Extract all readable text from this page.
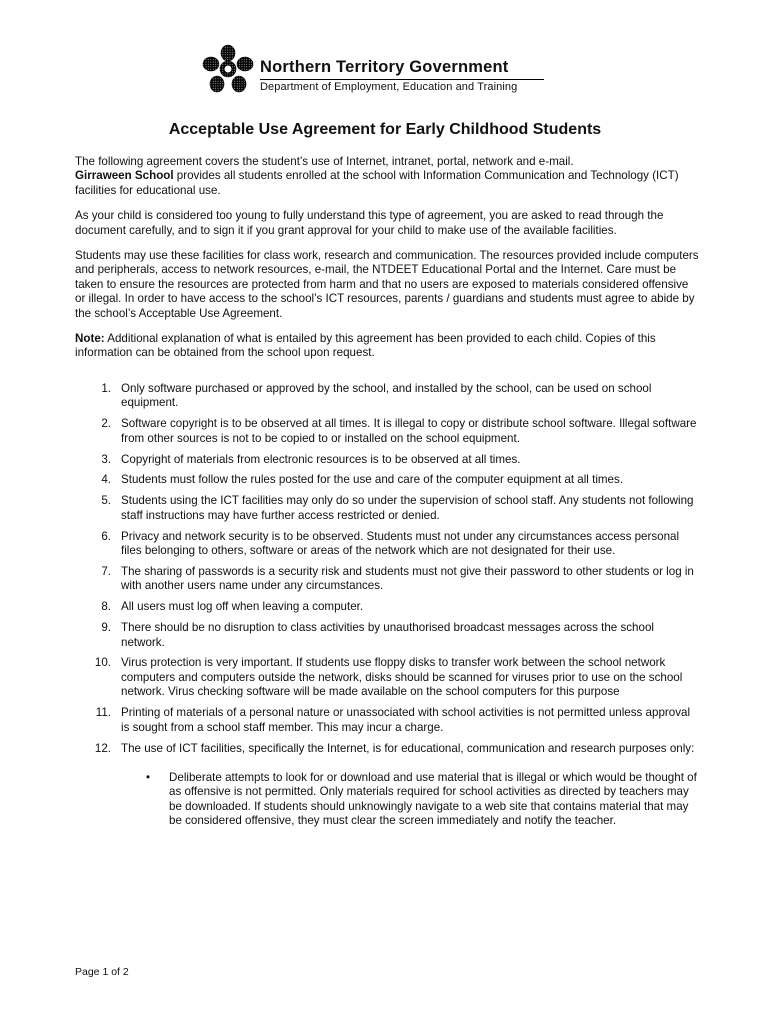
Northern Territory Government
Department of Employment, Education and Training
Acceptable Use Agreement for Early Childhood Students

The following agreement covers the student’s use of Internet, intranet, portal, network and e-mail.
Girraween School provides all students enrolled at the school with Information Communication and Technology (ICT) facilities for educational use.

As your child is considered too young to fully understand this type of agreement, you are asked to read through the document carefully, and to sign it if you grant approval for your child to make use of the available facilities.

Students may use these facilities for class work, research and communication. The resources provided include computers and peripherals, access to network resources, e-mail, the NTDEET Educational Portal and the Internet. Care must be taken to ensure the resources are protected from harm and that no users are exposed to materials considered offensive or illegal. In order to have access to the school’s ICT resources, parents / guardians and students must agree to abide by the school’s Acceptable Use Agreement.

Note: Additional explanation of what is entailed by this agreement has been provided to each child. Copies of this information can be obtained from the school upon request.

1. Only software purchased or approved by the school, and installed by the school, can be used on school equipment.
2. Software copyright is to be observed at all times. It is illegal to copy or distribute school software. Illegal software from other sources is not to be copied to or installed on the school equipment.
3. Copyright of materials from electronic resources is to be observed at all times.
4. Students must follow the rules posted for the use and care of the computer equipment at all times.
5. Students using the ICT facilities may only do so under the supervision of school staff. Any students not following staff instructions may have further access restricted or denied.
6. Privacy and network security is to be observed. Students must not under any circumstances access personal files belonging to others, software or areas of the network which are not designated for their use.
7. The sharing of passwords is a security risk and students must not give their password to other students or log in with another users name under any circumstances.
8. All users must log off when leaving a computer.
9. There should be no disruption to class activities by unauthorised broadcast messages across the school network.
10. Virus protection is very important. If students use floppy disks to transfer work between the school network computers and computers outside the network, disks should be scanned for viruses prior to use on the school network. Virus checking software will be made available on the school computers for this purpose
11. Printing of materials of a personal nature or unassociated with school activities is not permitted unless approval is sought from a school staff member. This may incur a charge.
12. The use of ICT facilities, specifically the Internet, is for educational, communication and research purposes only:
• Deliberate attempts to look for or download and use material that is illegal or which would be thought of as offensive is not permitted. Only materials required for school activities as directed by teachers may be downloaded. If students should unknowingly navigate to a web site that contains material that may be considered offensive, they must clear the screen immediately and notify the teacher.
Page 1 of 2
